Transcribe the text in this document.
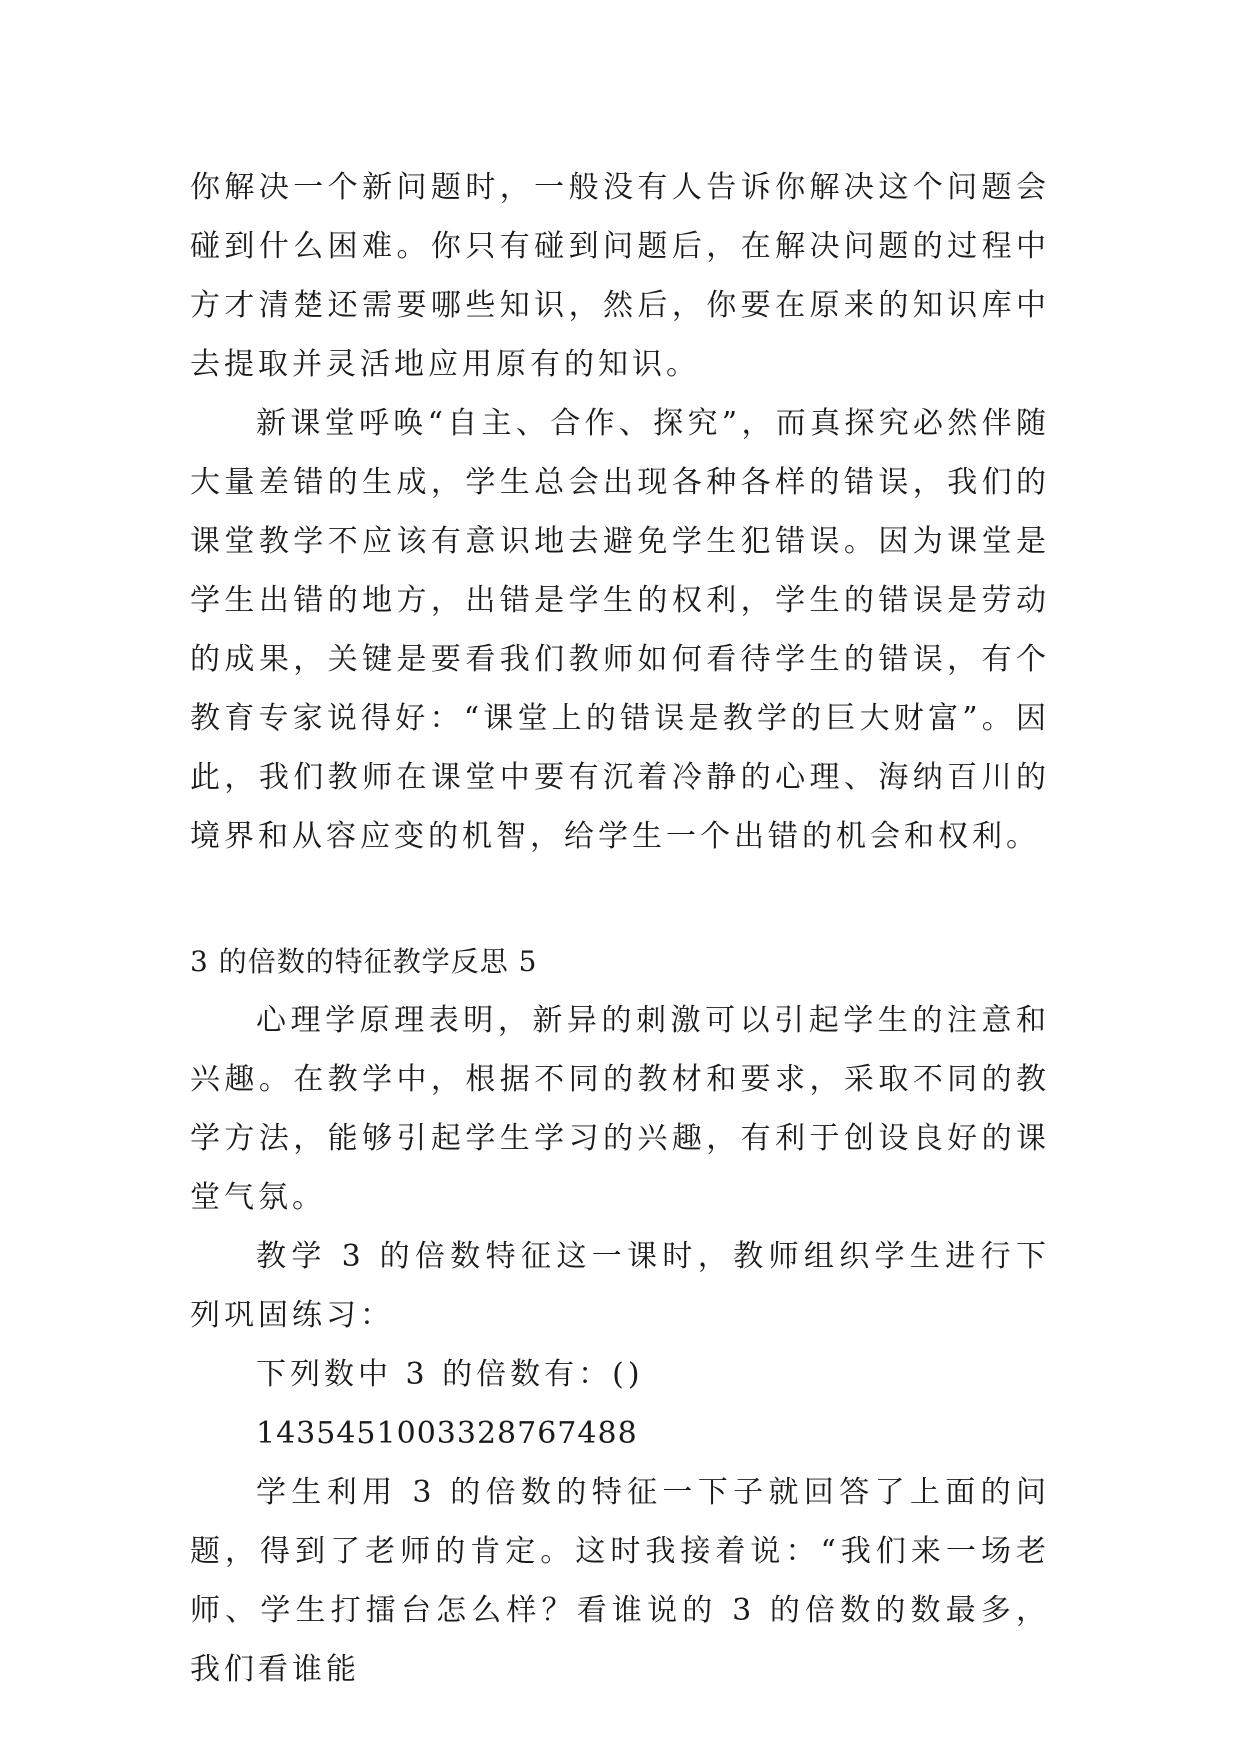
你解决一个新问题时，一般没有人告诉你解决这个问题会碰到什么困难。你只有碰到问题后，在解决问题的过程中方才清楚还需要哪些知识，然后，你要在原来的知识库中去提取并灵活地应用原有的知识。

新课堂呼唤“自主、合作、探究”，而真探究必然伴随大量差错的生成，学生总会出现各种各样的错误，我们的课堂教学不应该有意识地去避免学生犯错误。因为课堂是学生出错的地方，出错是学生的权利，学生的错误是劳动的成果，关键是要看我们教师如何看待学生的错误，有个教育专家说得好：“课堂上的错误是教学的巨大财富”。因此，我们教师在课堂中要有沉着冷静的心理、海纳百川的境界和从容应变的机智，给学生一个出错的机会和权利。

3 的倍数的特征教学反思 5

心理学原理表明，新异的刺激可以引起学生的注意和兴趣。在教学中，根据不同的教材和要求，采取不同的教学方法，能够引起学生学习的兴趣，有利于创设良好的课堂气氛。

教学 3 的倍数特征这一课时，教师组织学生进行下列巩固练习：

下列数中 3 的倍数有：()

1435451003328767488

学生利用 3 的倍数的特征一下子就回答了上面的问题，得到了老师的肯定。这时我接着说：“我们来一场老师、学生打擂台怎么样？看谁说的 3 的倍数的数最多，我们看谁能
